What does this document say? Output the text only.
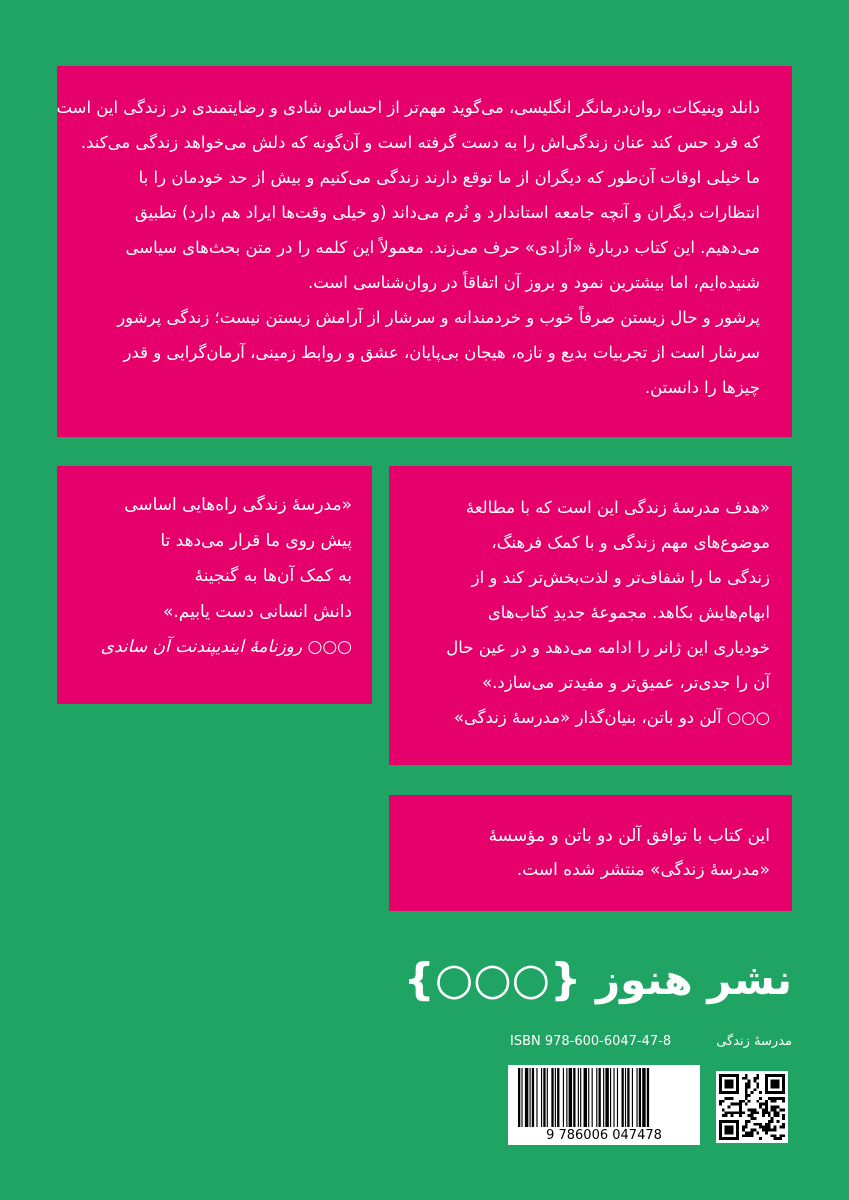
دانلد وینیکات، روان‌درمانگر انگلیسی، می‌گوید مهم‌تر از احساس شادی و رضایتمندی در زندگی این است
که فرد حس کند عنان زندگی‌اش را به دست گرفته است و آن‌گونه که دلش می‌خواهد زندگی می‌کند.
ما خیلی اوقات آن‌طور که دیگران از ما توقع دارند زندگی می‌کنیم و بیش از حد خودمان را با
انتظارات دیگران و آنچه جامعه استاندارد و نُرم می‌داند (و خیلی وقت‌ها ایراد هم دارد) تطبیق
می‌دهیم. این کتاب دربارهٔ «آزادی» حرف می‌زند. معمولاً این کلمه را در متن بحث‌های سیاسی
شنیده‌ایم، اما بیشترین نمود و بروز آن اتفاقاً در روان‌شناسی است.
پرشور و حال زیستن صرفاً خوب و خردمندانه و سرشار از آرامش زیستن نیست؛ زندگی پرشور
سرشار است از تجربیات بدیع و تازه، هیجان بی‌پایان، عشق و روابط زمینی، آرمان‌گرایی و قدر
چیزها را دانستن.
«مدرسهٔ زندگی راه‌هایی اساسی
پیش روی ما قرار می‌دهد تا
به کمک آن‌ها به گنجینهٔ
دانش انسانی دست یابیم.»
○○○ روزنامهٔ ایندیپندنت آن ساندی
«هدف مدرسهٔ زندگی این است که با مطالعهٔ
موضوع‌های مهم زندگی و با کمک فرهنگ،
زندگی ما را شفاف‌تر و لذت‌بخش‌تر کند و از
ابهام‌هایش بکاهد. مجموعهٔ جدیدِ کتاب‌های
خودیاری این ژانر را ادامه می‌دهد و در عین حال
آن را جدی‌تر، عمیق‌تر و مفیدتر می‌سازد.»
○○○ آلن دو باتن، بنیان‌گذار «مدرسهٔ زندگی»
این کتاب با توافق آلن دو باتن و مؤسسهٔ
«مدرسهٔ زندگی» منتشر شده است.
نشر هنوز {○○○}
ISBN 978-600-6047-47-8	مدرسهٔ زندگی
9 786006 047478
